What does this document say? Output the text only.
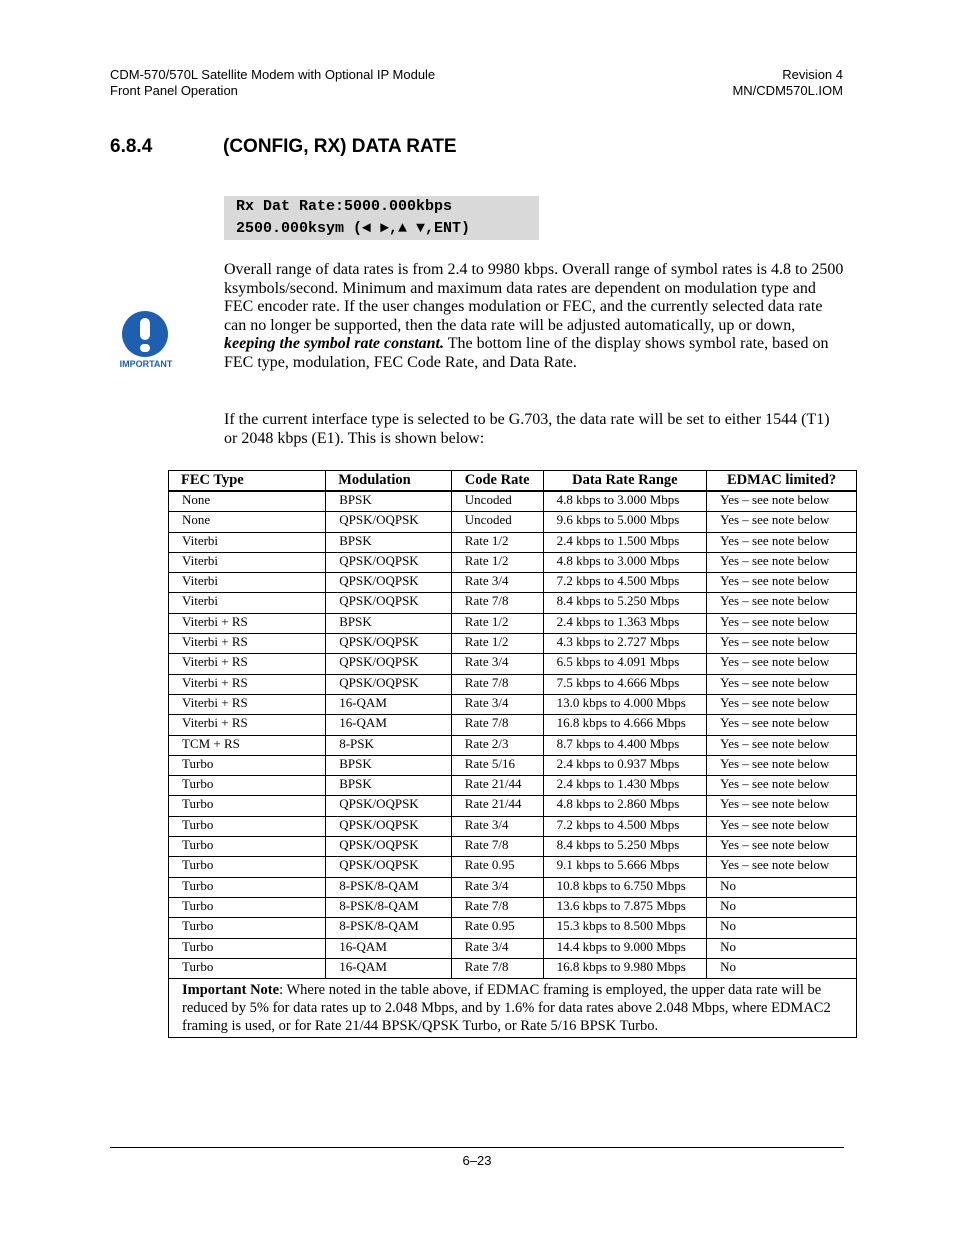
CDM-570/570L Satellite Modem with Optional IP Module
Front Panel Operation
Revision 4
MN/CDM570L.IOM
6.8.4	(CONFIG, RX) DATA RATE
Rx Dat Rate:5000.000kbps
2500.000ksym (◄ ►,▲ ▼,ENT)
IMPORTANT
Overall range of data rates is from 2.4 to 9980 kbps. Overall range of symbol rates is 4.8 to 2500 ksymbols/second. Minimum and maximum data rates are dependent on modulation type and FEC encoder rate. If the user changes modulation or FEC, and the currently selected data rate can no longer be supported, then the data rate will be adjusted automatically, up or down, keeping the symbol rate constant. The bottom line of the display shows symbol rate, based on FEC type, modulation, FEC Code Rate, and Data Rate.
If the current interface type is selected to be G.703, the data rate will be set to either 1544 (T1) or 2048 kbps (E1). This is shown below:
FEC Type	Modulation	Code Rate	Data Rate Range	EDMAC limited?
None	BPSK	Uncoded	4.8 kbps to 3.000 Mbps	Yes – see note below
None	QPSK/OQPSK	Uncoded	9.6 kbps to 5.000 Mbps	Yes – see note below
Viterbi	BPSK	Rate 1/2	2.4 kbps to 1.500 Mbps	Yes – see note below
Viterbi	QPSK/OQPSK	Rate 1/2	4.8 kbps to 3.000 Mbps	Yes – see note below
Viterbi	QPSK/OQPSK	Rate 3/4	7.2 kbps to 4.500 Mbps	Yes – see note below
Viterbi	QPSK/OQPSK	Rate 7/8	8.4 kbps to 5.250 Mbps	Yes – see note below
Viterbi + RS	BPSK	Rate 1/2	2.4 kbps to 1.363 Mbps	Yes – see note below
Viterbi + RS	QPSK/OQPSK	Rate 1/2	4.3 kbps to 2.727 Mbps	Yes – see note below
Viterbi + RS	QPSK/OQPSK	Rate 3/4	6.5 kbps to 4.091 Mbps	Yes – see note below
Viterbi + RS	QPSK/OQPSK	Rate 7/8	7.5 kbps to 4.666 Mbps	Yes – see note below
Viterbi + RS	16-QAM	Rate 3/4	13.0 kbps to 4.000 Mbps	Yes – see note below
Viterbi + RS	16-QAM	Rate 7/8	16.8 kbps to 4.666 Mbps	Yes – see note below
TCM + RS	8-PSK	Rate 2/3	8.7 kbps to 4.400 Mbps	Yes – see note below
Turbo	BPSK	Rate 5/16	2.4 kbps to 0.937 Mbps	Yes – see note below
Turbo	BPSK	Rate 21/44	2.4 kbps to 1.430 Mbps	Yes – see note below
Turbo	QPSK/OQPSK	Rate 21/44	4.8 kbps to 2.860 Mbps	Yes – see note below
Turbo	QPSK/OQPSK	Rate 3/4	7.2 kbps to 4.500 Mbps	Yes – see note below
Turbo	QPSK/OQPSK	Rate 7/8	8.4 kbps to 5.250 Mbps	Yes – see note below
Turbo	QPSK/OQPSK	Rate 0.95	9.1 kbps to 5.666 Mbps	Yes – see note below
Turbo	8-PSK/8-QAM	Rate 3/4	10.8 kbps to 6.750 Mbps	No
Turbo	8-PSK/8-QAM	Rate 7/8	13.6 kbps to 7.875 Mbps	No
Turbo	8-PSK/8-QAM	Rate 0.95	15.3 kbps to 8.500 Mbps	No
Turbo	16-QAM	Rate 3/4	14.4 kbps to 9.000 Mbps	No
Turbo	16-QAM	Rate 7/8	16.8 kbps to 9.980 Mbps	No
Important Note: Where noted in the table above, if EDMAC framing is employed, the upper data rate will be reduced by 5% for data rates up to 2.048 Mbps, and by 1.6% for data rates above 2.048 Mbps, where EDMAC2 framing is used, or for Rate 21/44 BPSK/QPSK Turbo, or Rate 5/16 BPSK Turbo.				
6–23
